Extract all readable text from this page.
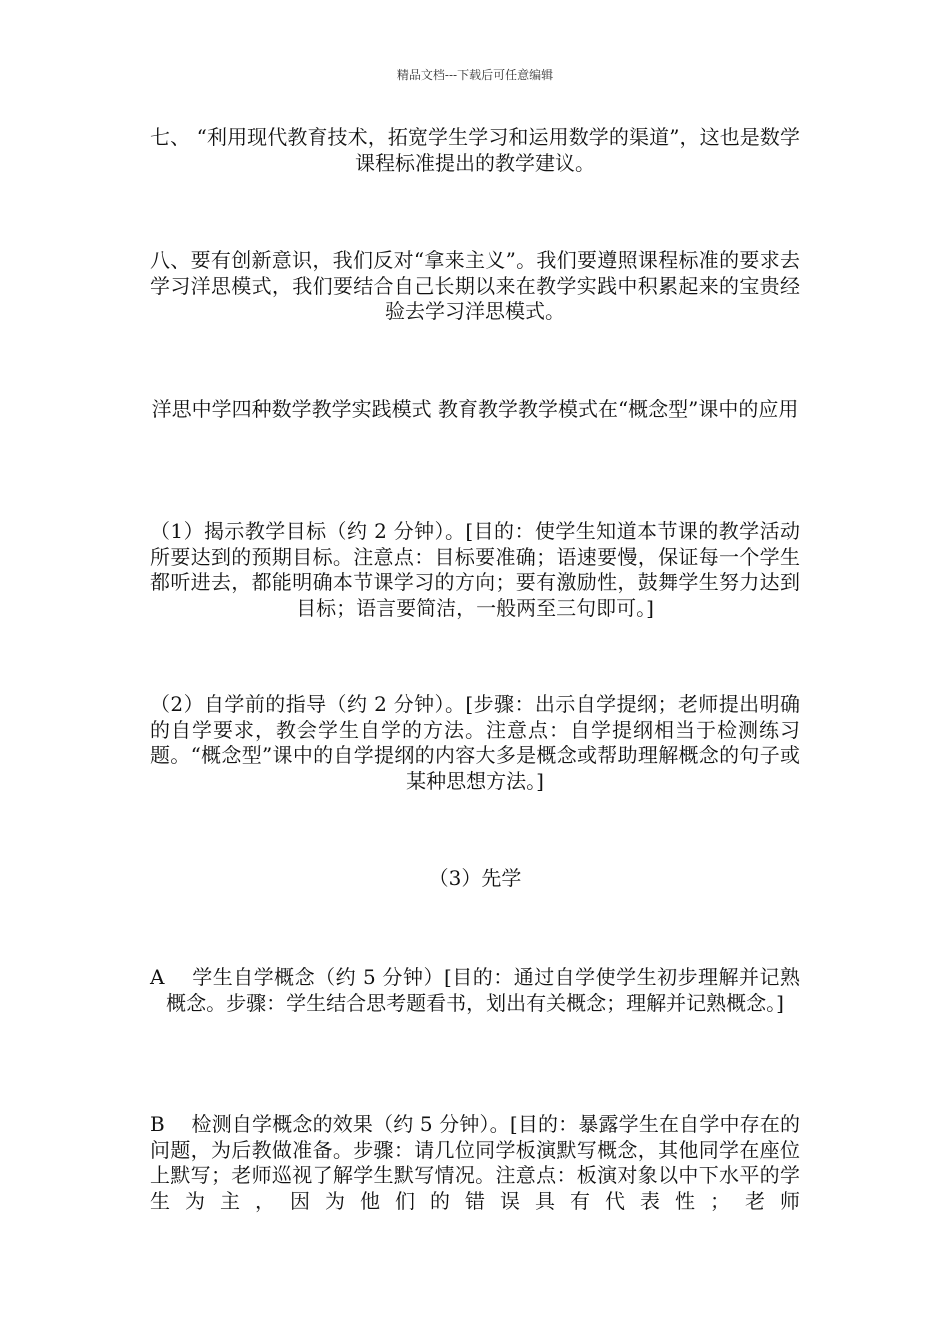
精品文档---下载后可任意编辑

七、 “利用现代教育技术，拓宽学生学习和运用数学的渠道”，这也是数学课程标准提出的教学建议。

八、要有创新意识，我们反对“拿来主义”。我们要遵照课程标准的要求去学习洋思模式，我们要结合自己长期以来在教学实践中积累起来的宝贵经验去学习洋思模式。

洋思中学四种数学教学实践模式 教育教学教学模式在“概念型”课中的应用

（1）揭示教学目标（约 2 分钟）。[目的：使学生知道本节课的教学活动所要达到的预期目标。注意点：目标要准确；语速要慢，保证每一个学生都听进去，都能明确本节课学习的方向；要有激励性，鼓舞学生努力达到目标；语言要简洁，一般两至三句即可。]

（2）自学前的指导（约 2 分钟）。[步骤：出示自学提纲；老师提出明确的自学要求，教会学生自学的方法。注意点：自学提纲相当于检测练习题。“概念型”课中的自学提纲的内容大多是概念或帮助理解概念的句子或某种思想方法。]

（3）先学

A　 学生自学概念（约 5 分钟）[目的：通过自学使学生初步理解并记熟概念。步骤：学生结合思考题看书，划出有关概念；理解并记熟概念。]

B　 检测自学概念的效果（约 5 分钟）。[目的：暴露学生在自学中存在的问题，为后教做准备。步骤：请几位同学板演默写概念，其他同学在座位上默写；老师巡视了解学生默写情况。注意点：板演对象以中下水平的学生为主，因为他们的错误具有代表性；老师
